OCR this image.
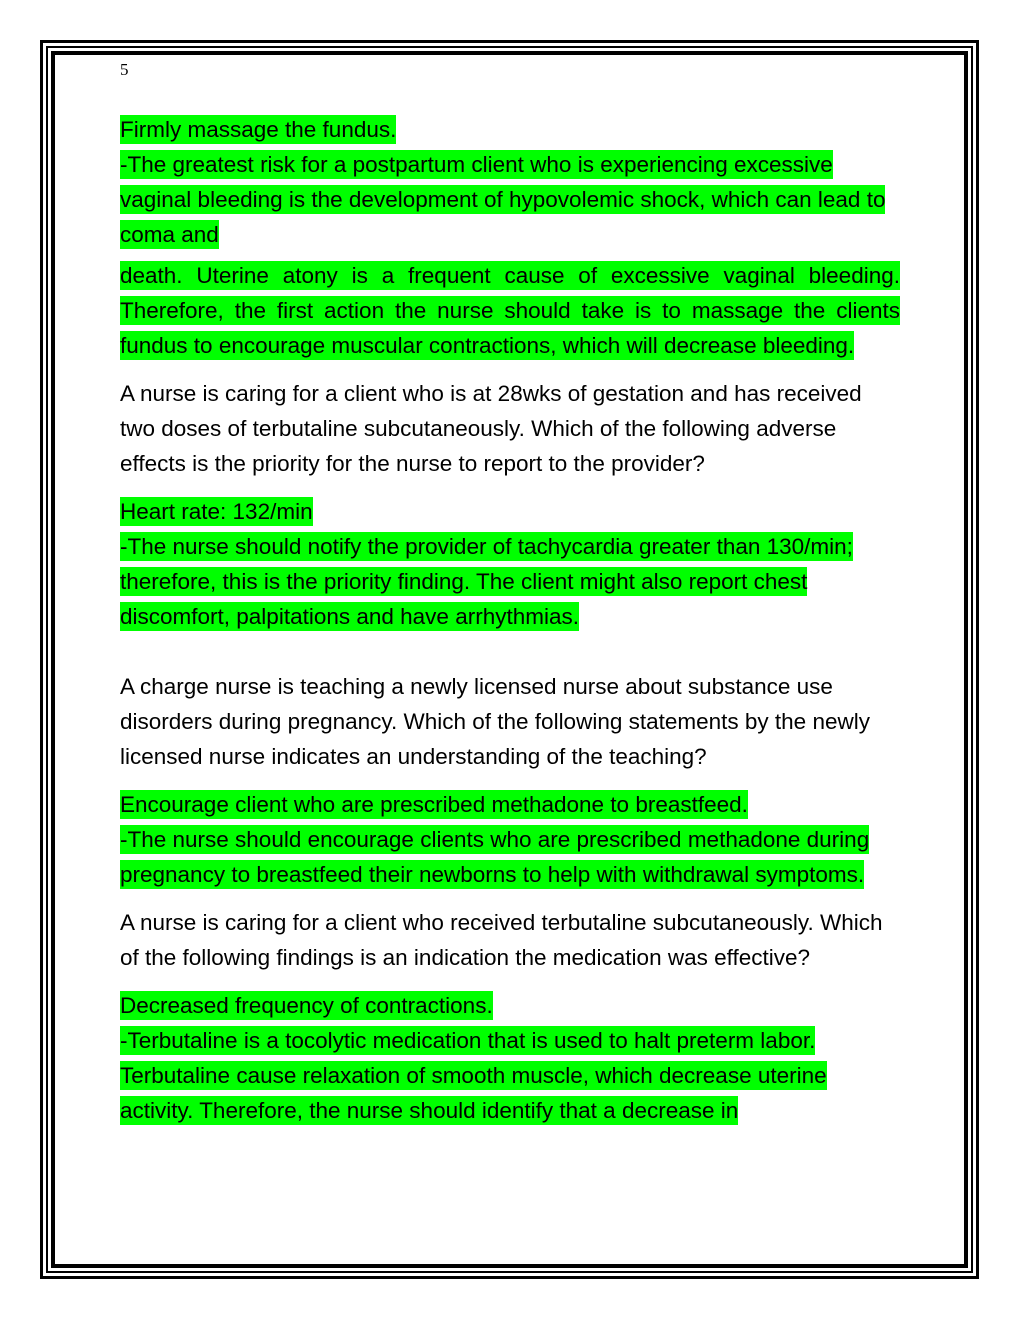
5
Firmly massage the fundus.
-The greatest risk for a postpartum client who is experiencing excessive vaginal bleeding is the development of hypovolemic shock, which can lead to coma and
death. Uterine atony is a frequent cause of excessive vaginal bleeding. Therefore, the first action the nurse should take is to massage the clients fundus to encourage muscular contractions, which will decrease bleeding.
A nurse is caring for a client who is at 28wks of gestation and has received two doses of terbutaline subcutaneously. Which of the following adverse effects is the priority for the nurse to report to the provider?
Heart rate: 132/min
-The nurse should notify the provider of tachycardia greater than 130/min; therefore, this is the priority finding. The client might also report chest discomfort, palpitations and have arrhythmias.
A charge nurse is teaching a newly licensed nurse about substance use disorders during pregnancy. Which of the following statements by the newly licensed nurse indicates an understanding of the teaching?
Encourage client who are prescribed methadone to breastfeed.
-The nurse should encourage clients who are prescribed methadone during pregnancy to breastfeed their newborns to help with withdrawal symptoms.
A nurse is caring for a client who received terbutaline subcutaneously. Which of the following findings is an indication the medication was effective?
Decreased frequency of contractions.
-Terbutaline is a tocolytic medication that is used to halt preterm labor. Terbutaline cause relaxation of smooth muscle, which decrease uterine activity. Therefore, the nurse should identify that a decrease in
